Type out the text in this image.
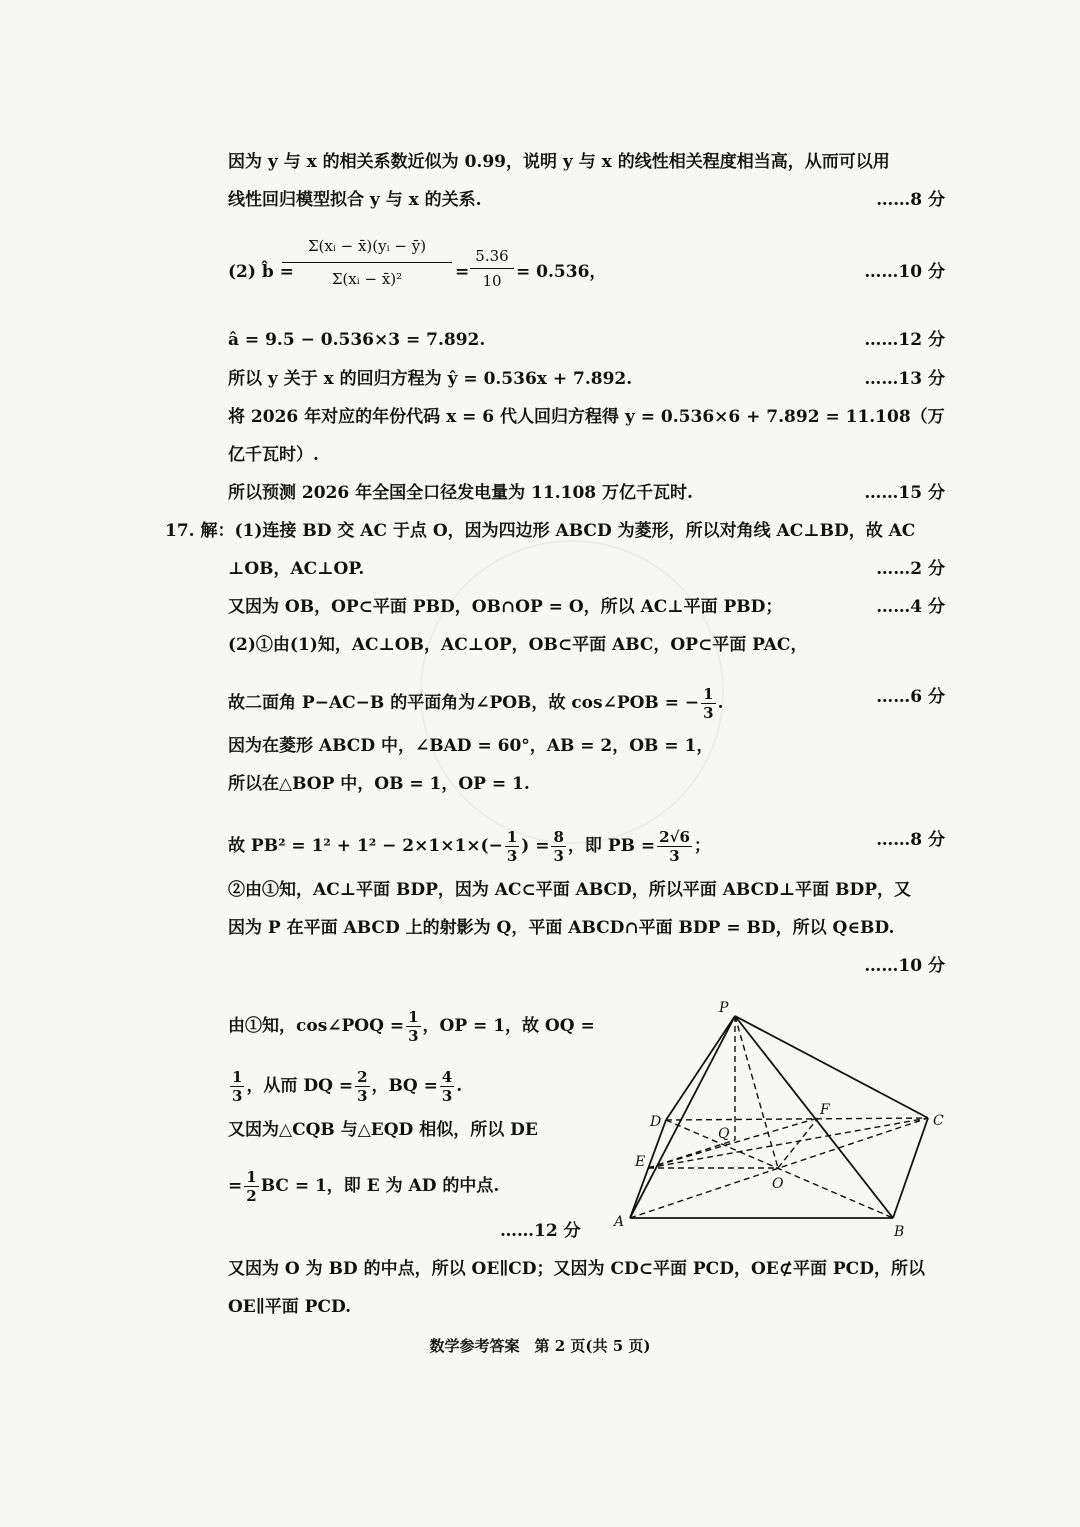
因为 y 与 x 的相关系数近似为 0.99，说明 y 与 x 的线性相关程度相当高，从而可以用
线性回归模型拟合 y 与 x 的关系.	……8 分
(2) b̂ =
$\frac{\text{Σ(xᵢ − x̄)(yᵢ − ȳ)}}{\text{Σ(xᵢ − x̄)²}} = \frac{5.36}{10} = 0.536$，	……10 分
â = 9.5 − 0.536×3 = 7.892.	……12 分
所以 y 关于 x 的回归方程为 ŷ = 0.536x + 7.892.	……13 分
将 2026 年对应的年份代码 x = 6 代人回归方程得 y = 0.536×6 + 7.892 = 11.108（万
亿千瓦时）.
所以预测 2026 年全国全口径发电量为 11.108 万亿千瓦时.	……15 分
17. 解：(1)连接 BD 交 AC 于点 O，因为四边形 ABCD 为菱形，所以对角线 AC⊥BD，故 AC
⊥OB，AC⊥OP.	……2 分
又因为 OB，OP⊂平面 PBD，OB∩OP = O，所以 AC⊥平面 PBD；	……4 分
(2)①由(1)知，AC⊥OB，AC⊥OP，OB⊂平面 ABC，OP⊂平面 PAC，
故二面角 P−AC−B 的平面角为∠POB，故 cos∠POB = − $\frac{1}{3}$ .	……6 分
因为在菱形 ABCD 中，∠BAD = 60°，AB = 2，OB = 1，
所以在△BOP 中，OB = 1，OP = 1.
故 $PB^2 = 1^2 + 1^2 - 2\times 1\times 1\times(- \frac{1}{3}$ ) = $\frac{8}{3}$ ，即 PB = $\frac{2√6}{3}$ ；	……8 分
②由①知，AC⊥平面 BDP，因为 AC⊂平面 ABCD，所以平面 ABCD⊥平面 BDP，又
因为 P 在平面 ABCD 上的射影为 Q，平面 ABCD∩平面 BDP = BD，所以 Q∈BD.
……10 分
由①知，cos∠POQ = $\frac{1}{3}$ ，OP = 1，故 OQ =
$\frac{1}{3}$ ，从而 DQ = $\frac{2}{3}$ ，BQ = $\frac{4}{3}$ .
又因为△CQB 与△EQD 相似，所以 DE
= $\frac{1}{2}$ BC = 1，即 E 为 AD 的中点.
……12 分
P
D
F
C
Q
E
O
A
B
又因为 O 为 BD 的中点，所以 OE∥CD；又因为 CD⊂平面 PCD，OE⊄平面 PCD，所以
OE∥平面 PCD.
数学参考答案　第 2 页(共 5 页)
